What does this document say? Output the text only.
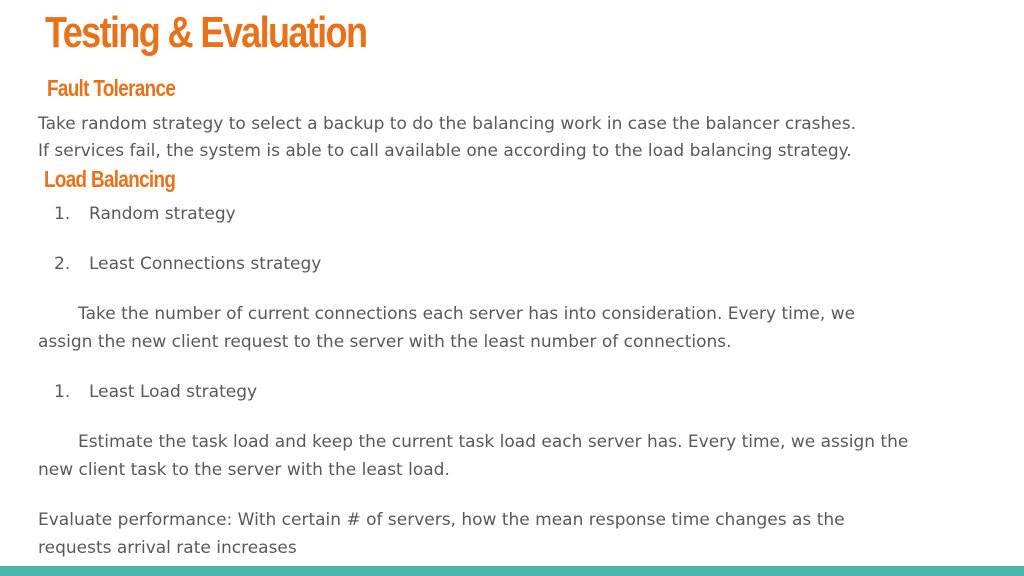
Testing & Evaluation
Fault Tolerance

Take random strategy to select a backup to do the balancing work in case the balancer crashes.

If services fail, the system is able to call available one according to the load balancing strategy.

Load Balancing
1. Random strategy
2. Least Connections strategy

Take the number of current connections each server has into consideration. Every time, we

assign the new client request to the server with the least number of connections.

1. Least Load strategy

Estimate the task load and keep the current task load each server has. Every time, we assign the

new client task to the server with the least load.

Evaluate performance: With certain # of servers, how the mean response time changes as the

requests arrival rate increases
